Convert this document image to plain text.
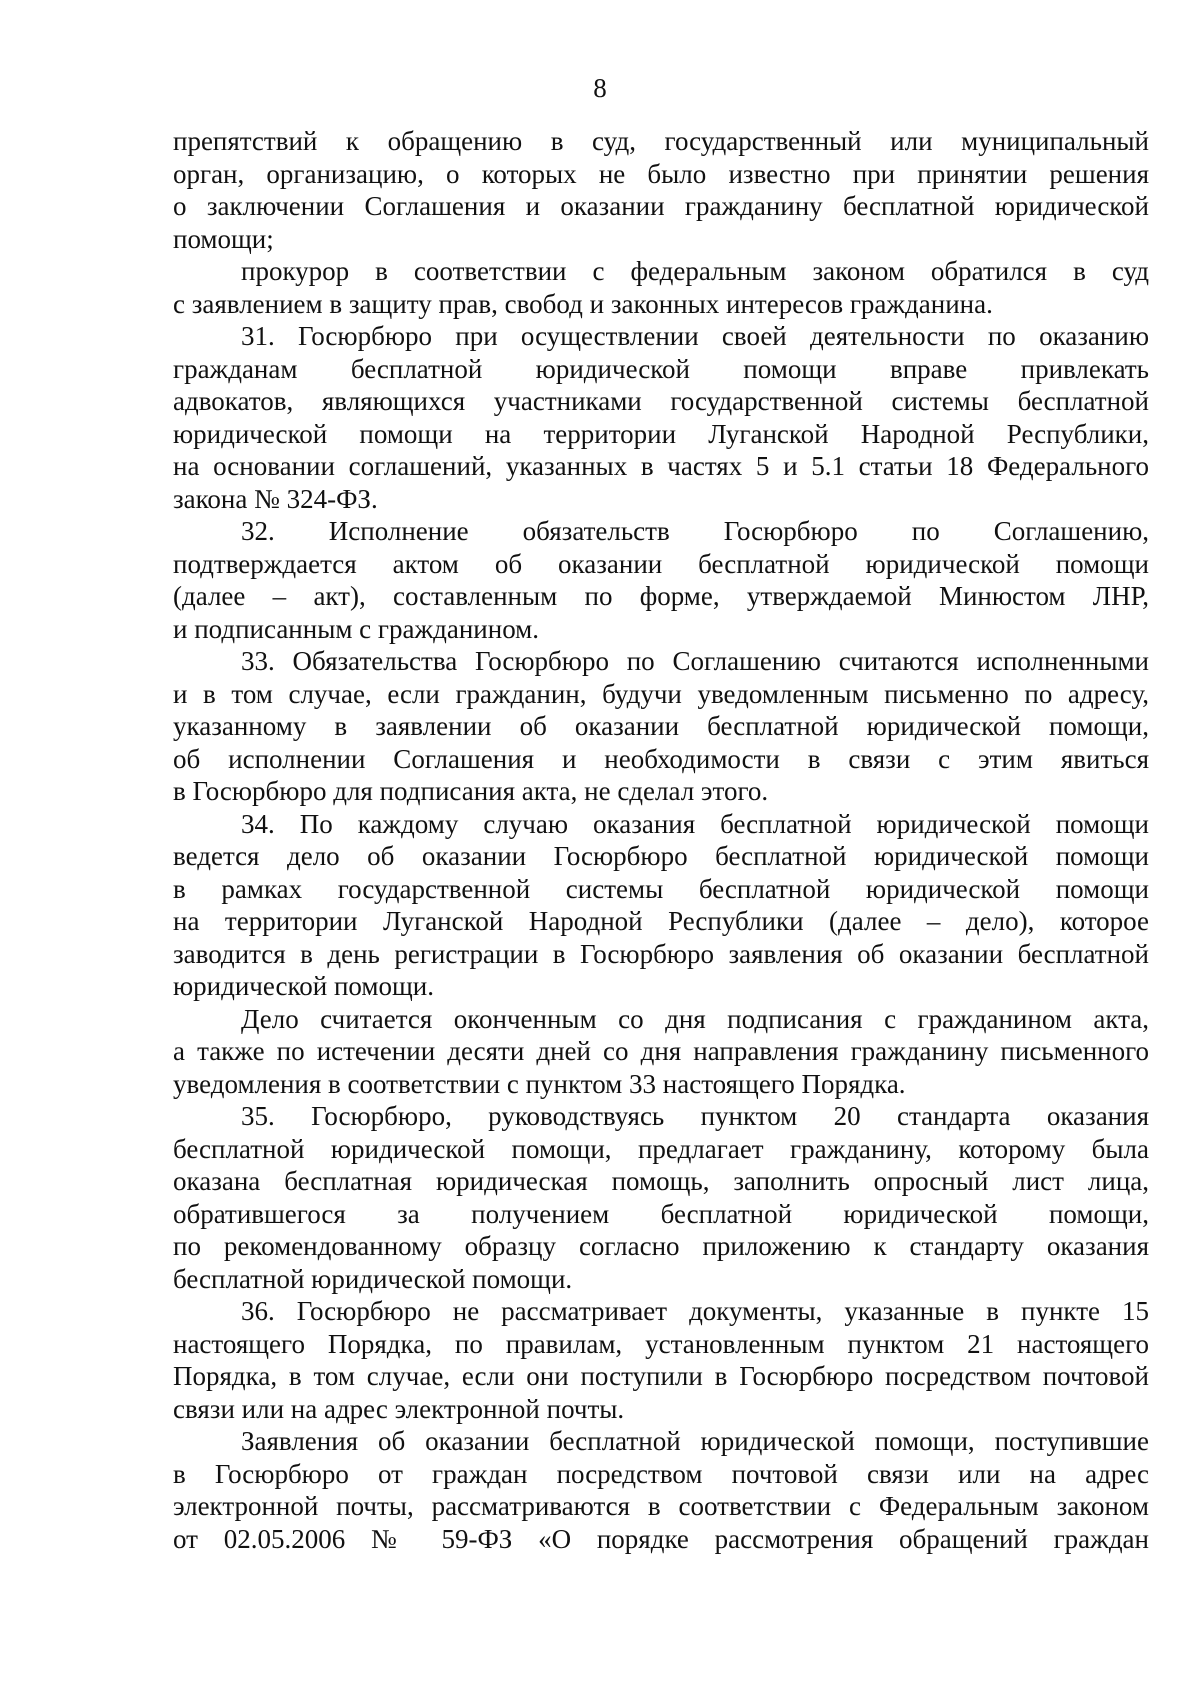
8

препятствий к обращению в суд, государственный или муниципальный

орган, организацию, о которых не было известно при принятии решения

о заключении Соглашения и оказании гражданину бесплатной юридической

помощи;

прокурор в соответствии с федеральным законом обратился в суд

с заявлением в защиту прав, свобод и законных интересов гражданина.

31. Госюрбюро при осуществлении своей деятельности по оказанию

гражданам бесплатной юридической помощи вправе привлекать

адвокатов, являющихся участниками государственной системы бесплатной

юридической помощи на территории Луганской Народной Республики,

на основании соглашений, указанных в частях 5 и 5.1 статьи 18 Федерального

закона № 324-ФЗ.

32. Исполнение обязательств Госюрбюро по Соглашению,

подтверждается актом об оказании бесплатной юридической помощи

(далее – акт), составленным по форме, утверждаемой Минюстом ЛНР,

и подписанным с гражданином.

33. Обязательства Госюрбюро по Соглашению считаются исполненными

и в том случае, если гражданин, будучи уведомленным письменно по адресу,

указанному в заявлении об оказании бесплатной юридической помощи,

об исполнении Соглашения и необходимости в связи с этим явиться

в Госюрбюро для подписания акта, не сделал этого.

34. По каждому случаю оказания бесплатной юридической помощи

ведется дело об оказании Госюрбюро бесплатной юридической помощи

в рамках государственной системы бесплатной юридической помощи

на территории Луганской Народной Республики (далее – дело), которое

заводится в день регистрации в Госюрбюро заявления об оказании бесплатной

юридической помощи.

Дело считается оконченным со дня подписания с гражданином акта,

а также по истечении десяти дней со дня направления гражданину письменного

уведомления в соответствии с пунктом 33 настоящего Порядка.

35. Госюрбюро, руководствуясь пунктом 20 стандарта оказания

бесплатной юридической помощи, предлагает гражданину, которому была

оказана бесплатная юридическая помощь, заполнить опросный лист лица,

обратившегося за получением бесплатной юридической помощи,

по рекомендованному образцу согласно приложению к стандарту оказания

бесплатной юридической помощи.

36. Госюрбюро не рассматривает документы, указанные в пункте 15

настоящего Порядка, по правилам, установленным пунктом 21 настоящего

Порядка, в том случае, если они поступили в Госюрбюро посредством почтовой

связи или на адрес электронной почты.

Заявления об оказании бесплатной юридической помощи, поступившие

в Госюрбюро от граждан посредством почтовой связи или на адрес

электронной почты, рассматриваются в соответствии с Федеральным законом

от 02.05.2006 № 59-ФЗ «О порядке рассмотрения обращений граждан
